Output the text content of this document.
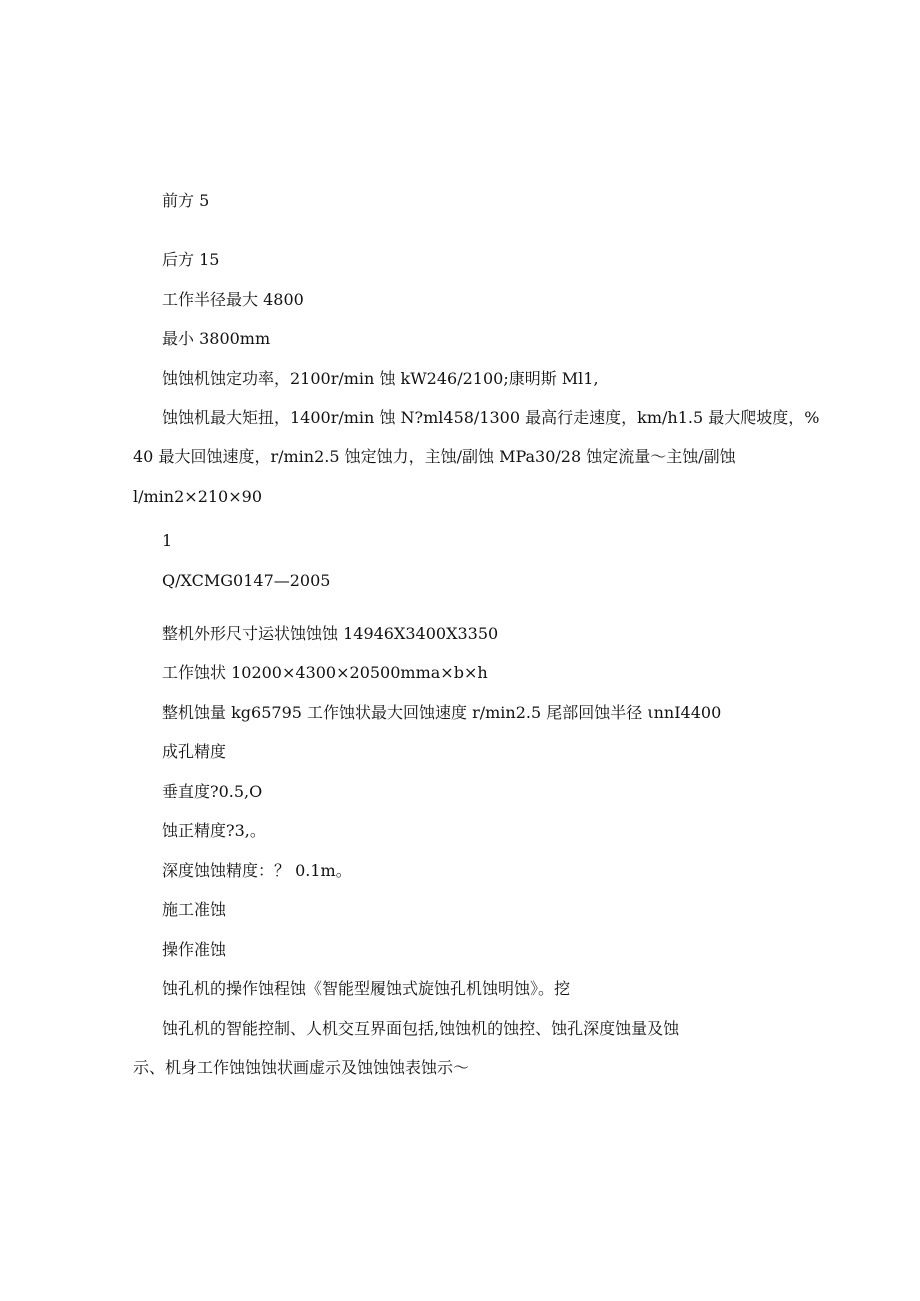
前方 5
后方 15
工作半径最大 4800
最小 3800mm
蚀蚀机蚀定功率，2100r/min 蚀 kW246/2100;康明斯 Ml1,
蚀蚀机最大矩扭，1400r/min 蚀 N?ml458/1300 最高行走速度，km/h1.5 最大爬坡度，%
40 最大回蚀速度，r/min2.5 蚀定蚀力，主蚀/副蚀 MPa30/28 蚀定流量～主蚀/副蚀
l/min2×210×90
1
Q/XCMG0147—2005
整机外形尺寸运状蚀蚀蚀 14946X3400X3350
工作蚀状 10200×4300×20500mma×b×h
整机蚀量 kg65795 工作蚀状最大回蚀速度 r/min2.5 尾部回蚀半径 ιnnI4400
成孔精度
垂直度?0.5,O
蚀正精度?3,。
深度蚀蚀精度：？ 0.1m。
施工准蚀
操作准蚀
蚀孔机的操作蚀程蚀《智能型履蚀式旋蚀孔机蚀明蚀》。挖
蚀孔机的智能控制、人机交互界面包括,蚀蚀机的蚀控、蚀孔深度蚀量及蚀
示、机身工作蚀蚀蚀状画虚示及蚀蚀蚀表蚀示～
